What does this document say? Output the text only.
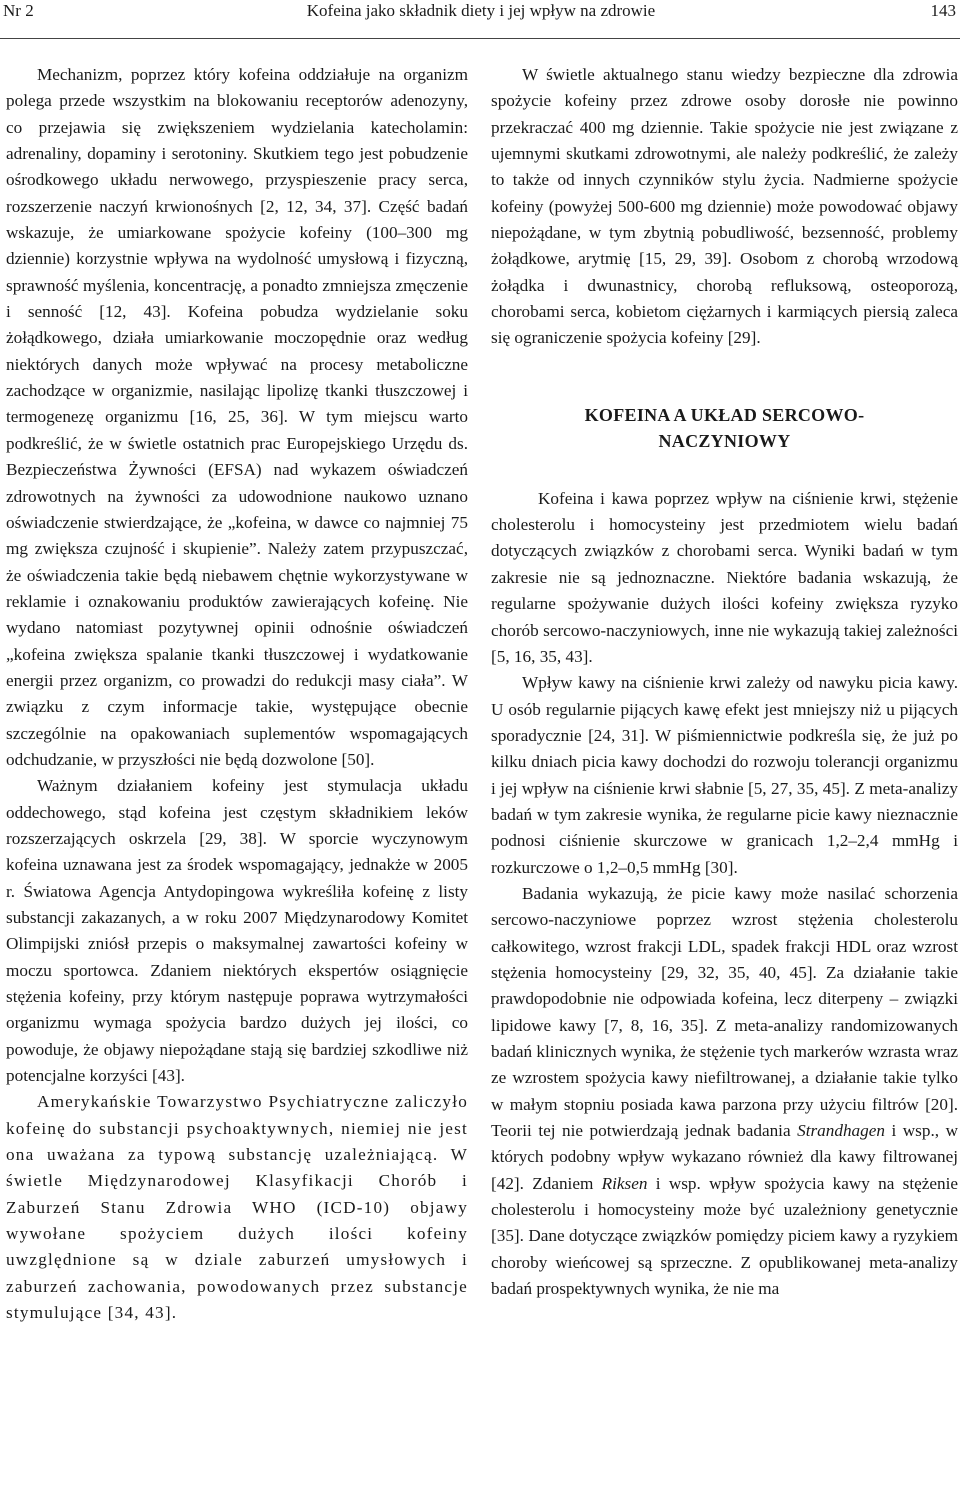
Nr 2	Kofeina jako składnik diety i jej wpływ na zdrowie	143

Mechanizm, poprzez który kofeina oddziałuje na organizm polega przede wszystkim na blokowaniu receptorów adenozyny, co przejawia się zwiększeniem wydzielania katecholamin: adrenaliny, dopaminy i serotoniny. Skutkiem tego jest pobudzenie ośrodkowego układu nerwowego, przyspieszenie pracy serca, rozszerzenie naczyń krwionośnych [2, 12, 34, 37]. Część badań wskazuje, że umiarkowane spożycie kofeiny (100–300 mg dziennie) korzystnie wpływa na wydolność umysłową i fizyczną, sprawność myślenia, koncentrację, a ponadto zmniejsza zmęczenie i senność [12, 43]. Kofeina pobudza wydzielanie soku żołądkowego, działa umiarkowanie moczopędnie oraz według niektórych danych może wpływać na procesy metaboliczne zachodzące w organizmie, nasilając lipolizę tkanki tłuszczowej i termogenezę organizmu [16, 25, 36]. W tym miejscu warto podkreślić, że w świetle ostatnich prac Europejskiego Urzędu ds. Bezpieczeństwa Żywności (EFSA) nad wykazem oświadczeń zdrowotnych na żywności za udowodnione naukowo uznano oświadczenie stwierdzające, że „kofeina, w dawce co najmniej 75 mg zwiększa czujność i skupienie”. Należy zatem przypuszczać, że oświadczenia takie będą niebawem chętnie wykorzystywane w reklamie i oznakowaniu produktów zawierających kofeinę. Nie wydano natomiast pozytywnej opinii odnośnie oświadczeń „kofeina zwiększa spalanie tkanki tłuszczowej i wydatkowanie energii przez organizm, co prowadzi do redukcji masy ciała”. W związku z czym informacje takie, występujące obecnie szczególnie na opakowaniach suplementów wspomagających odchudzanie, w przyszłości nie będą dozwolone [50].

Ważnym działaniem kofeiny jest stymulacja układu oddechowego, stąd kofeina jest częstym składnikiem leków rozszerzających oskrzela [29, 38]. W sporcie wyczynowym kofeina uznawana jest za środek wspomagający, jednakże w 2005 r. Światowa Agencja Antydopingowa wykreśliła kofeinę z listy substancji zakazanych, a w roku 2007 Międzynarodowy Komitet Olimpijski zniósł przepis o maksymalnej zawartości kofeiny w moczu sportowca. Zdaniem niektórych ekspertów osiągnięcie stężenia kofeiny, przy którym następuje poprawa wytrzymałości organizmu wymaga spożycia bardzo dużych jej ilości, co powoduje, że objawy niepożądane stają się bardziej szkodliwe niż potencjalne korzyści [43].

Amerykańskie Towarzystwo Psychiatryczne zaliczyło kofeinę do substancji psychoaktywnych, niemiej nie jest ona uważana za typową substancję uzależniającą. W świetle Międzynarodowej Klasyfikacji Chorób i Zaburzeń Stanu Zdrowia WHO (ICD-10) objawy wywołane spożyciem dużych ilości kofeiny uwzględnione są w dziale zaburzeń umysłowych i zaburzeń zachowania, powodowanych przez substancje stymulujące [34, 43].

W świetle aktualnego stanu wiedzy bezpieczne dla zdrowia spożycie kofeiny przez zdrowe osoby dorosłe nie powinno przekraczać 400 mg dziennie. Takie spożycie nie jest związane z ujemnymi skutkami zdrowotnymi, ale należy podkreślić, że zależy to także od innych czynników stylu życia. Nadmierne spożycie kofeiny (powyżej 500-600 mg dziennie) może powodować objawy niepożądane, w tym zbytnią pobudliwość, bezsenność, problemy żołądkowe, arytmię [15, 29, 39]. Osobom z chorobą wrzodową żołądka i dwunastnicy, chorobą refluksową, osteoporozą, chorobami serca, kobietom ciężarnych i karmiących piersią zaleca się ograniczenie spożycia kofeiny [29].

KOFEINA A UKŁAD SERCOWO-
NACZYNIOWY

Kofeina i kawa poprzez wpływ na ciśnienie krwi, stężenie cholesterolu i homocysteiny jest przedmiotem wielu badań dotyczących związków z chorobami serca. Wyniki badań w tym zakresie nie są jednoznaczne. Niektóre badania wskazują, że regularne spożywanie dużych ilości kofeiny zwiększa ryzyko chorób sercowo-naczyniowych, inne nie wykazują takiej zależności [5, 16, 35, 43].

Wpływ kawy na ciśnienie krwi zależy od nawyku picia kawy. U osób regularnie pijących kawę efekt jest mniejszy niż u pijących sporadycznie [24, 31]. W piśmiennictwie podkreśla się, że już po kilku dniach picia kawy dochodzi do rozwoju tolerancji organizmu i jej wpływ na ciśnienie krwi słabnie [5, 27, 35, 45]. Z meta-analizy badań w tym zakresie wynika, że regularne picie kawy nieznacznie podnosi ciśnienie skurczowe w granicach 1,2–2,4 mmHg i rozkurczowe o 1,2–0,5 mmHg [30].

Badania wykazują, że picie kawy może nasilać schorzenia sercowo-naczyniowe poprzez wzrost stężenia cholesterolu całkowitego, wzrost frakcji LDL, spadek frakcji HDL oraz wzrost stężenia homocysteiny [29, 32, 35, 40, 45]. Za działanie takie prawdopodobnie nie odpowiada kofeina, lecz diterpeny – związki lipidowe kawy [7, 8, 16, 35]. Z meta-analizy randomizowanych badań klinicznych wynika, że stężenie tych markerów wzrasta wraz ze wzrostem spożycia kawy niefiltrowanej, a działanie takie tylko w małym stopniu posiada kawa parzona przy użyciu filtrów [20]. Teorii tej nie potwierdzają jednak badania Strandhagen i wsp., w których podobny wpływ wykazano również dla kawy filtrowanej [42]. Zdaniem Riksen i wsp. wpływ spożycia kawy na stężenie cholesterolu i homocysteiny może być uzależniony genetycznie [35]. Dane dotyczące związków pomiędzy piciem kawy a ryzykiem choroby wieńcowej są sprzeczne. Z opublikowanej meta-analizy badań prospektywnych wynika, że nie ma
